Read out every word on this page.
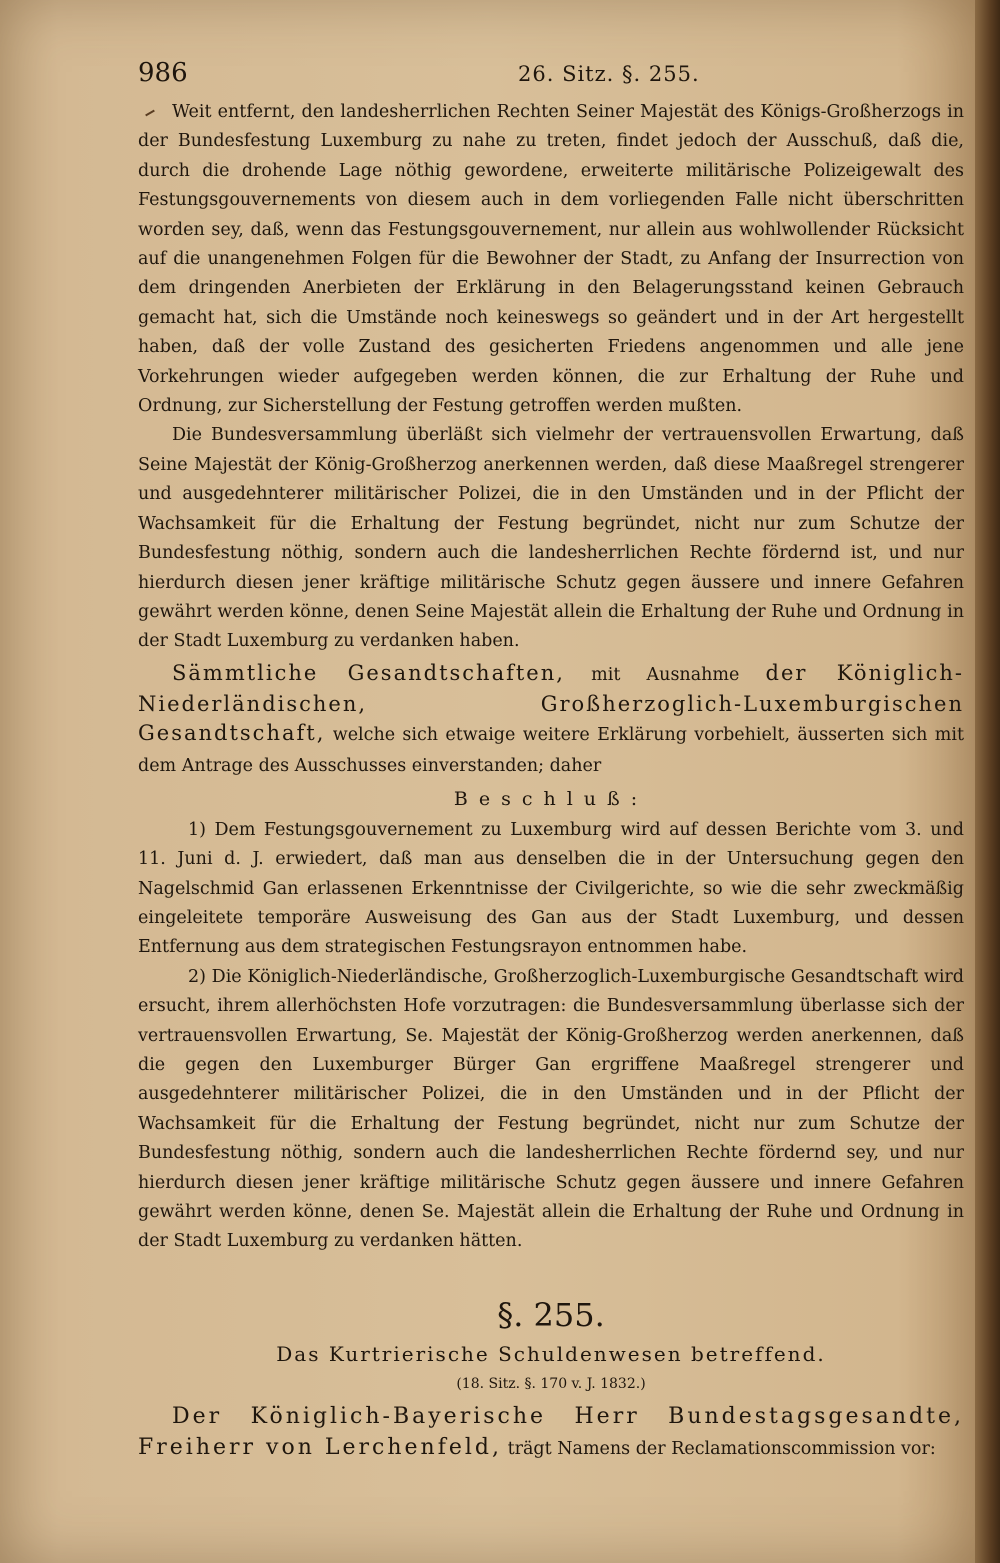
986	26. Sitz. §. 255.

Weit entfernt, den landesherrlichen Rechten Seiner Majestät des Königs-Großherzogs in der Bundesfestung Luxemburg zu nahe zu treten, findet jedoch der Ausschuß, daß die, durch die drohende Lage nöthig gewordene, erweiterte militärische Polizeigewalt des Festungsgouvernements von diesem auch in dem vorliegenden Falle nicht überschritten worden sey, daß, wenn das Festungsgouvernement, nur allein aus wohlwollender Rücksicht auf die unangenehmen Folgen für die Bewohner der Stadt, zu Anfang der Insurrection von dem dringenden Anerbieten der Erklärung in den Belagerungsstand keinen Gebrauch gemacht hat, sich die Umstände noch keineswegs so geändert und in der Art hergestellt haben, daß der volle Zustand des gesicherten Friedens angenommen und alle jene Vorkehrungen wieder aufgegeben werden können, die zur Erhaltung der Ruhe und Ordnung, zur Sicherstellung der Festung getroffen werden mußten.

Die Bundesversammlung überläßt sich vielmehr der vertrauensvollen Erwartung, daß Seine Majestät der König-Großherzog anerkennen werden, daß diese Maaßregel strengerer und ausgedehnterer militärischer Polizei, die in den Umständen und in der Pflicht der Wachsamkeit für die Erhaltung der Festung begründet, nicht nur zum Schutze der Bundesfestung nöthig, sondern auch die landesherrlichen Rechte fördernd ist, und nur hierdurch diesen jener kräftige militärische Schutz gegen äussere und innere Gefahren gewährt werden könne, denen Seine Majestät allein die Erhaltung der Ruhe und Ordnung in der Stadt Luxemburg zu verdanken haben.

Sämmtliche Gesandtschaften, mit Ausnahme der Königlich-Niederländischen, Großherzoglich-Luxemburgischen Gesandtschaft, welche sich etwaige weitere Erklärung vorbehielt, äusserten sich mit dem Antrage des Ausschusses einverstanden; daher

Beschluß:

1) Dem Festungsgouvernement zu Luxemburg wird auf dessen Berichte vom 3. und 11. Juni d. J. erwiedert, daß man aus denselben die in der Untersuchung gegen den Nagelschmid Gan erlassenen Erkenntnisse der Civilgerichte, so wie die sehr zweckmäßig eingeleitete temporäre Ausweisung des Gan aus der Stadt Luxemburg, und dessen Entfernung aus dem strategischen Festungsrayon entnommen habe.

2) Die Königlich-Niederländische, Großherzoglich-Luxemburgische Gesandtschaft wird ersucht, ihrem allerhöchsten Hofe vorzutragen: die Bundesversammlung überlasse sich der vertrauensvollen Erwartung, Se. Majestät der König-Großherzog werden anerkennen, daß die gegen den Luxemburger Bürger Gan ergriffene Maaßregel strengerer und ausgedehnterer militärischer Polizei, die in den Umständen und in der Pflicht der Wachsamkeit für die Erhaltung der Festung begründet, nicht nur zum Schutze der Bundesfestung nöthig, sondern auch die landesherrlichen Rechte fördernd sey, und nur hierdurch diesen jener kräftige militärische Schutz gegen äussere und innere Gefahren gewährt werden könne, denen Se. Majestät allein die Erhaltung der Ruhe und Ordnung in der Stadt Luxemburg zu verdanken hätten.

§. 255.
Das Kurtrierische Schuldenwesen betreffend.
(18. Sitz. §. 170 v. J. 1832.)

Der Königlich-Bayerische Herr Bundestagsgesandte, Freiherr von Lerchenfeld, trägt Namens der Reclamationscommission vor:
